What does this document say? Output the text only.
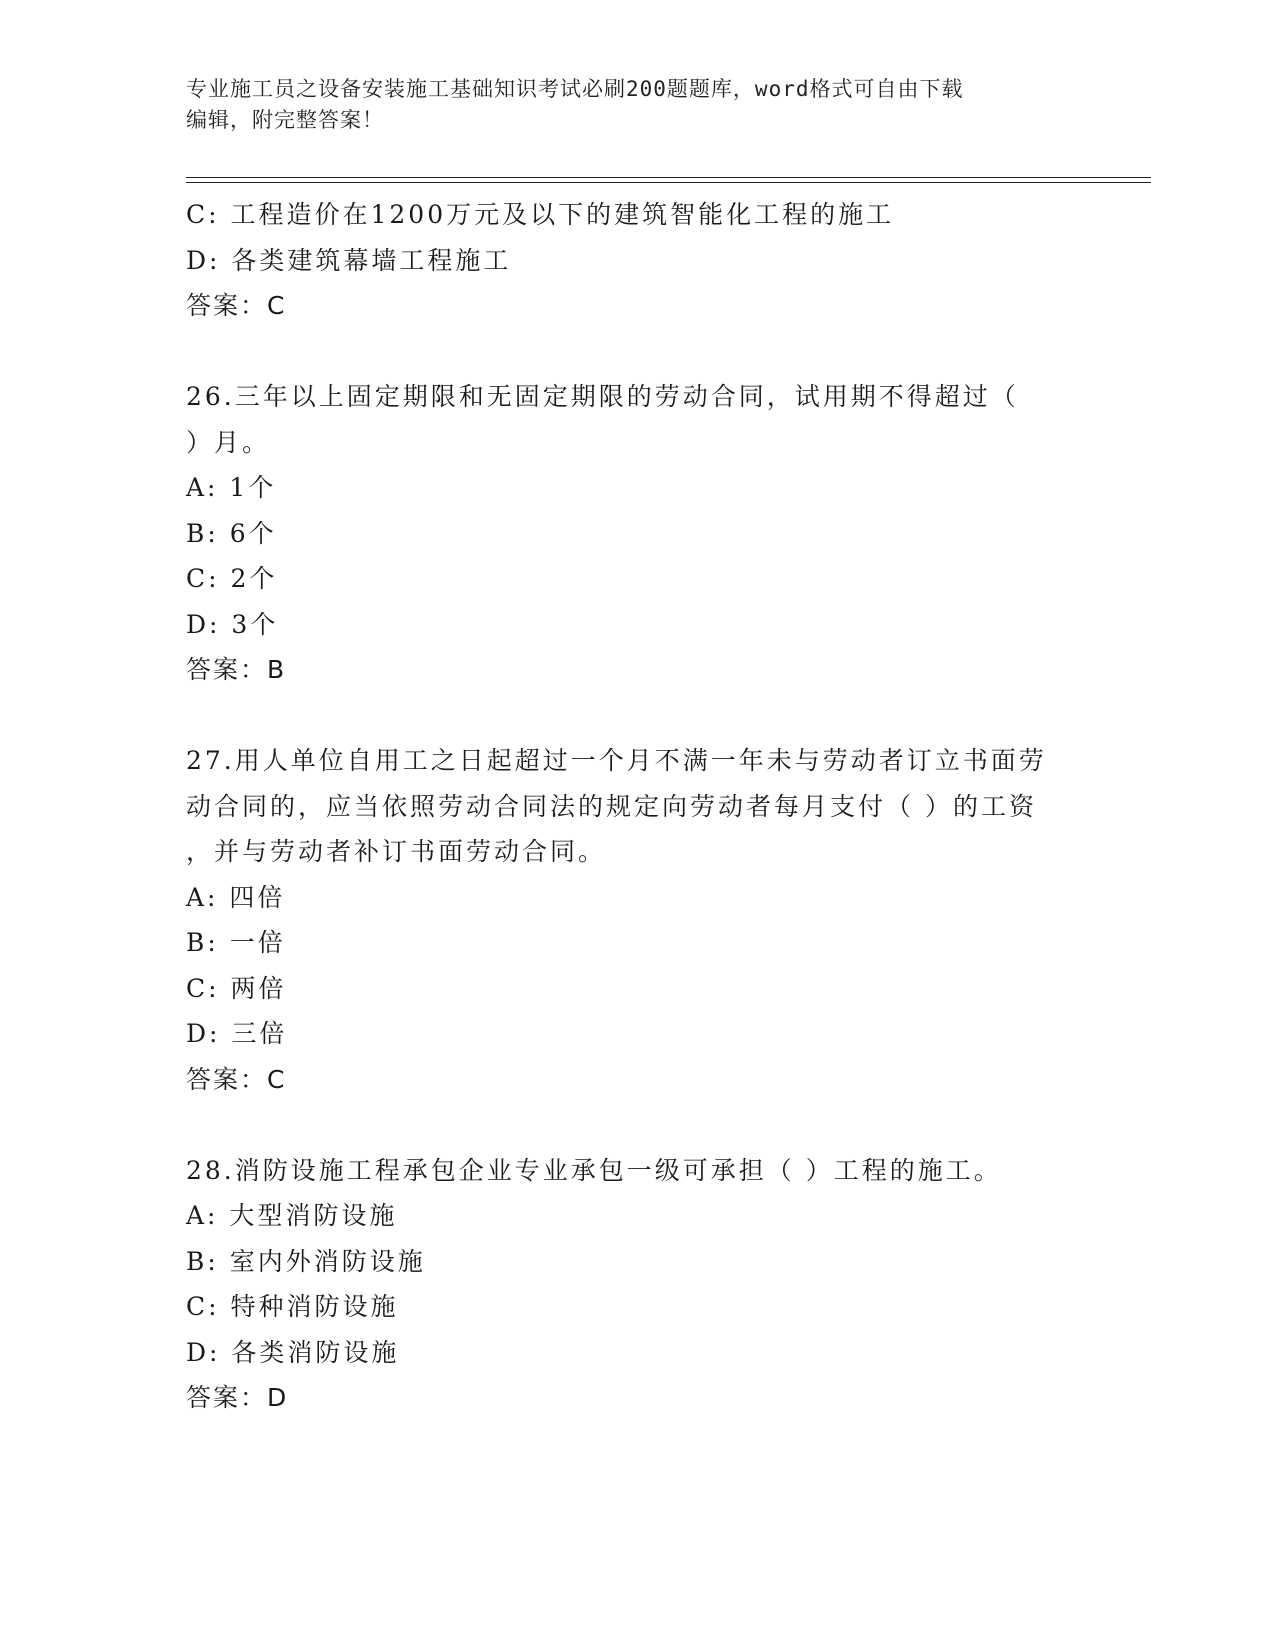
专业施工员之设备安装施工基础知识考试必刷200题题库，word格式可自由下载
编辑，附完整答案！
C: 工程造价在1200万元及以下的建筑智能化工程的施工
D: 各类建筑幕墙工程施工
答案：C
26.三年以上固定期限和无固定期限的劳动合同，试用期不得超过（
）月。
A: 1个
B: 6个
C: 2个
D: 3个
答案：B
27.用人单位自用工之日起超过一个月不满一年未与劳动者订立书面劳
动合同的，应当依照劳动合同法的规定向劳动者每月支付（ ）的工资
，并与劳动者补订书面劳动合同。
A: 四倍
B: 一倍
C: 两倍
D: 三倍
答案：C
28.消防设施工程承包企业专业承包一级可承担（ ）工程的施工。
A: 大型消防设施
B: 室内外消防设施
C: 特种消防设施
D: 各类消防设施
答案：D
